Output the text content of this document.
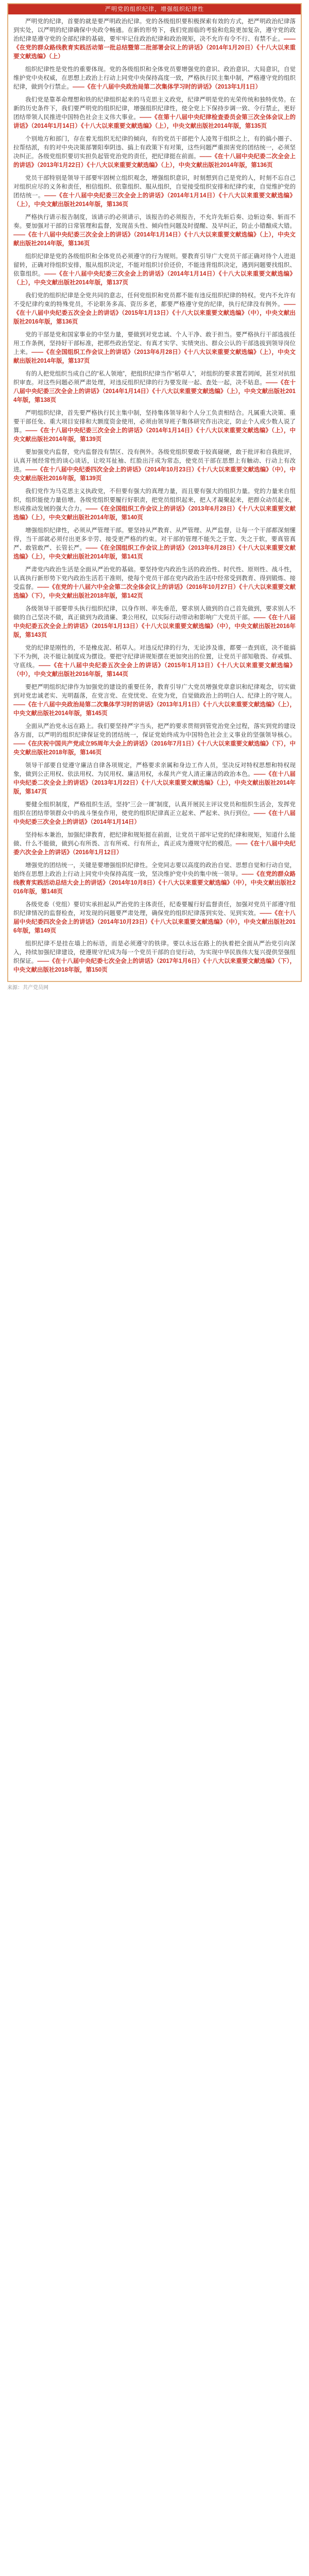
严明党的组织纪律，增强组织纪律性

严明党的纪律，首要的就是要严明政治纪律。党的各级组织要积极探索有效的方式，把严明政治纪律落到实处，以严明的纪律确保中央政令畅通。在新的形势下，我们党面临的考验和危险更加复杂，遵守党的政治纪律是遵守党的全部纪律的基础，要牢牢记住政治纪律和政治规矩，决不允许有令不行、有禁不止。——《在党的群众路线教育实践活动第一批总结暨第二批部署会议上的讲话》（2014年1月20日）《十八大以来重要文献选编》（上）

组织纪律性是党性的重要体现。党的各级组织和全体党员要增强党的意识、政治意识、大局意识，自觉维护党中央权威，在思想上政治上行动上同党中央保持高度一致，严格执行民主集中制，严格遵守党的组织纪律，做到令行禁止。——《在十八届中央政治局第二次集体学习时的讲话》（2013年1月1日）

我们党是靠革命理想和铁的纪律组织起来的马克思主义政党，纪律严明是党的光荣传统和独特优势。在新的历史条件下，我们要严明党的组织纪律，增强组织纪律性，使全党上下保持步调一致、令行禁止，更好团结带领人民推进中国特色社会主义伟大事业。——《在第十八届中央纪律检查委员会第三次全体会议上的讲话》（2014年1月14日）《十八大以来重要文献选编》（上），中央文献出版社2014年版，第135页

个别地方和部门，存在着无组织无纪律的倾向，有的党员干部把个人凌驾于组织之上，有的搞小圈子、拉帮结派，有的对中央决策部署阳奉阴违、搞上有政策下有对策，这些问题严重损害党的团结统一，必须坚决纠正。各级党组织要切实担负起管党治党的责任，把纪律挺在前面。——《在十八届中央纪委二次全会上的讲话》（2013年1月22日）《十八大以来重要文献选编》（上），中央文献出版社2014年版，第136页

党员干部特别是领导干部要牢固树立组织观念，增强组织意识，时刻想到自己是党的人，时刻不忘自己对组织应尽的义务和责任，相信组织、依靠组织、服从组织，自觉接受组织安排和纪律约束，自觉维护党的团结统一。——《在十八届中央纪委三次全会上的讲话》（2014年1月14日）《十八大以来重要文献选编》（上），中央文献出版社2014年版，第136页

严格执行请示报告制度，该请示的必须请示，该报告的必须报告，不允许先斩后奏、边斩边奏、斩而不奏。要加强对干部的日常管理和监督，发现苗头性、倾向性问题及时提醒、及早纠正，防止小错酿成大错。——《在十八届中央纪委三次全会上的讲话》（2014年1月14日）《十八大以来重要文献选编》（上），中央文献出版社2014年版，第136页

组织纪律是党的各级组织和全体党员必须遵守的行为规则。要教育引导广大党员干部正确对待个人进退留转，正确对待组织安排，服从组织决定，不能对组织讨价还价，不能违背组织决定，遇到问题要找组织、依靠组织。——《在十八届中央纪委三次全会上的讲话》（2014年1月14日）《十八大以来重要文献选编》（上），中央文献出版社2014年版，第137页

我们党的组织纪律是全党共同的意志，任何党组织和党员都不能有违反组织纪律的特权。党内不允许有不受纪律约束的特殊党员，不论职务多高、资历多老，都要严格遵守党的纪律，执行纪律没有例外。——《在十八届中央纪委五次全会上的讲话》（2015年1月13日）《十八大以来重要文献选编》（中），中央文献出版社2016年版，第136页

党的干部是党和国家事业的中坚力量，要做到对党忠诚、个人干净、敢于担当。要严格执行干部选拔任用工作条例，坚持好干部标准，把那些政治坚定、有真才实学、实绩突出、群众公认的干部选拔到领导岗位上来。——《在全国组织工作会议上的讲话》（2013年6月28日）《十八大以来重要文献选编》（上），中央文献出版社2014年版，第137页

有的人把党组织当成自己的“私人领地”，把组织纪律当作“稻草人”，对组织的要求置若罔闻，甚至对抗组织审查。对这些问题必须严肃处理，对违反组织纪律的行为要发现一起、查处一起，决不姑息。——《在十八届中央纪委三次全会上的讲话》（2014年1月14日）《十八大以来重要文献选编》（上），中央文献出版社2014年版，第138页

严明组织纪律，首先要严格执行民主集中制，坚持集体领导和个人分工负责相结合。凡属重大决策、重要干部任免、重大项目安排和大额度资金使用，必须由领导班子集体研究作出决定，防止个人或少数人说了算。——《在十八届中央纪委三次全会上的讲话》（2014年1月14日）《十八大以来重要文献选编》（上），中央文献出版社2014年版，第139页

要加强党内监督，党内监督没有禁区、没有例外。各级党组织要敢于较真碰硬，敢于批评和自我批评，认真开展经常性的谈心谈话，让咬耳扯袖、红脸出汗成为常态，使党员干部在思想上有触动、行动上有改进。——《在十八届中央纪委四次全会上的讲话》（2014年10月23日）《十八大以来重要文献选编》（中），中央文献出版社2016年版，第139页

我们党作为马克思主义执政党，不但要有强大的真理力量，而且要有强大的组织力量。党的力量来自组织，组织能使力量倍增。各级党组织要履行好职责，把党员组织起来，把人才凝聚起来，把群众动员起来，形成推动发展的强大合力。——《在全国组织工作会议上的讲话》（2013年6月28日）《十八大以来重要文献选编》（上），中央文献出版社2014年版，第140页

增强组织纪律性，必须从严管理干部。要坚持从严教育、从严管理、从严监督，让每一个干部都深刻懂得，当干部就必须付出更多辛劳、接受更严格的约束。对干部的管理不能失之于宽、失之于软，要真管真严、敢管敢严、长管长严。——《在全国组织工作会议上的讲话》（2013年6月28日）《十八大以来重要文献选编》（上），中央文献出版社2014年版，第141页

严肃党内政治生活是全面从严治党的基础。要坚持党内政治生活的政治性、时代性、原则性、战斗性，认真执行新形势下党内政治生活若干准则，使每个党员干部在党内政治生活中经常受到教育、得到锻炼、接受监督。——《在党的十八届六中全会第二次全体会议上的讲话》（2016年10月27日）《十八大以来重要文献选编》（下），中央文献出版社2018年版，第142页

各级领导干部要带头执行组织纪律，以身作则、率先垂范，要求别人做到的自己首先做到，要求别人不做的自己坚决不做，真正做到为政清廉、秉公用权，以实际行动带动和影响广大党员干部。——《在十八届中央纪委五次全会上的讲话》（2015年1月13日）《十八大以来重要文献选编》（中），中央文献出版社2016年版，第143页

党的纪律是刚性的，不是橡皮泥、稻草人。对违反纪律的行为，无论涉及谁，都要一查到底，决不能搞下不为例，决不能让制度成为摆设。要把守纪律讲规矩摆在更加突出的位置，让党员干部知敬畏、存戒惧、守底线。——《在十八届中央纪委五次全会上的讲话》（2015年1月13日）《十八大以来重要文献选编》（中），中央文献出版社2016年版，第144页

要把严明组织纪律作为加强党的建设的重要任务，教育引导广大党员增强党章意识和纪律观念，切实做到对党忠诚老实、光明磊落，在党言党、在党忧党、在党为党，自觉做政治上的明白人、纪律上的守规人。——《在十八届中央政治局第二次集体学习时的讲话》（2013年1月1日）《十八大以来重要文献选编》（上），中央文献出版社2014年版，第145页

全面从严治党永远在路上。我们要坚持严字当头，把严的要求贯彻到管党治党全过程，落实到党的建设各方面，以严明的组织纪律保证党的团结统一，保证党始终成为中国特色社会主义事业的坚强领导核心。——《在庆祝中国共产党成立95周年大会上的讲话》（2016年7月1日）《十八大以来重要文献选编》（下），中央文献出版社2018年版，第146页

领导干部要自觉遵守廉洁自律各项规定，严格要求亲属和身边工作人员，坚决反对特权思想和特权现象，做到公正用权、依法用权、为民用权、廉洁用权，永葆共产党人清正廉洁的政治本色。——《在十八届中央纪委二次全会上的讲话》（2013年1月22日）《十八大以来重要文献选编》（上），中央文献出版社2014年版，第147页

要健全组织制度，严格组织生活，坚持“三会一课”制度，认真开展民主评议党员和组织生活会，发挥党组织在团结带领群众中的战斗堡垒作用，使党的组织纪律真正立起来、严起来、执行到位。——《在十八届中央纪委三次全会上的讲话》（2014年1月14日）

坚持标本兼治，加强纪律教育，把纪律和规矩挺在前面，让党员干部牢记党的纪律和规矩，知道什么能做、什么不能做，做到心有所畏、言有所戒、行有所止，真正成为遵规守纪的模范。——《在十八届中央纪委六次全会上的讲话》（2016年1月12日）

增强党的团结统一，关键是要增强组织纪律性。全党同志要以高度的政治自觉、思想自觉和行动自觉，始终在思想上政治上行动上同党中央保持高度一致，坚决维护党中央的集中统一领导。——《在党的群众路线教育实践活动总结大会上的讲话》（2014年10月8日）《十八大以来重要文献选编》（中），中央文献出版社2016年版，第148页

各级党委（党组）要切实承担起从严治党的主体责任，纪委要履行好监督责任，加强对党员干部遵守组织纪律情况的监督检查，对发现的问题要严肃处理，确保党的组织纪律落到实处、见到实效。——《在十八届中央纪委四次全会上的讲话》（2014年10月23日）《十八大以来重要文献选编》（中），中央文献出版社2016年版，第149页

组织纪律不是挂在墙上的标语，而是必须遵守的铁律。要以永远在路上的执着把全面从严治党引向深入，持续加强纪律建设，使遵规守纪成为每一个党员干部的自觉行动，为实现中华民族伟大复兴提供坚强组织保证。——《在十八届中央纪委七次全会上的讲话》（2017年1月6日）《十八大以来重要文献选编》（下），中央文献出版社2018年版，第150页

来源：共产党员网
